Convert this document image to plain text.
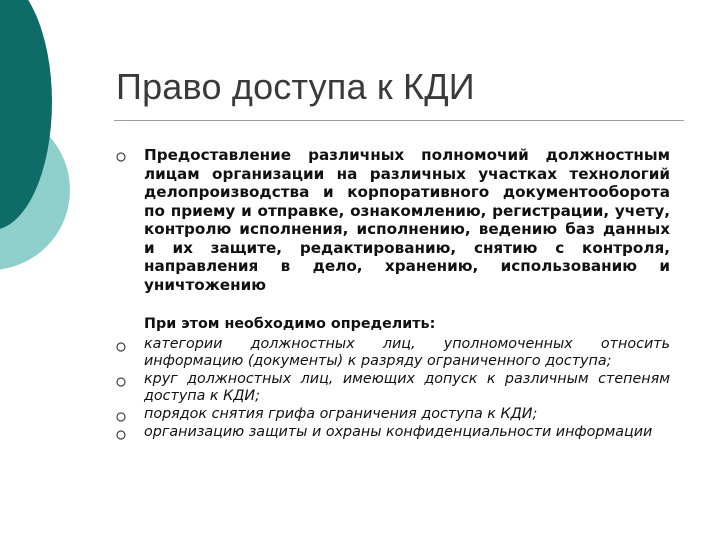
Право доступа к КДИ

Предоставление различных полномочий должностным лицам организации на различных участках технологий делопроизводства и корпоративного документооборота по приему и отправке, ознакомлению, регистрации, учету, контролю исполнения, исполнению, ведению баз данных и их защите, редактированию, снятию с контроля, направления в дело, хранению, использованию и уничтожению

При этом необходимо определить:

категории должностных лиц, уполномоченных относить информацию (документы) к разряду ограниченного доступа;

круг должностных лиц, имеющих допуск к различным степеням доступа к КДИ;

порядок снятия грифа ограничения доступа к КДИ;

организацию защиты и охраны конфиденциальности информации
